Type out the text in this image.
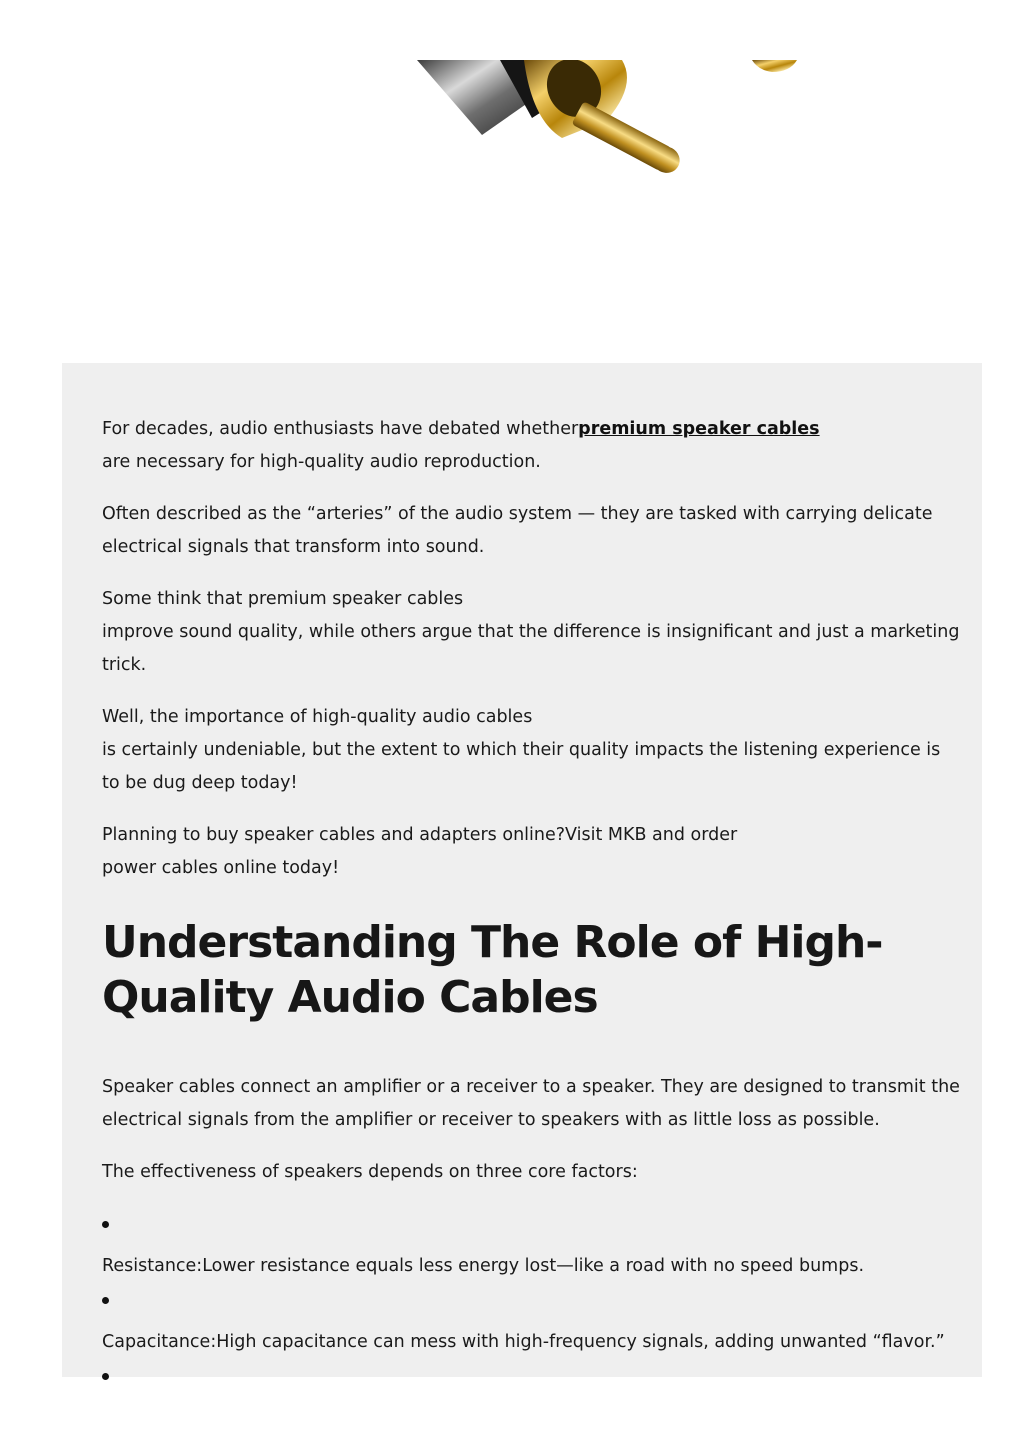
For decades, audio enthusiasts have debated whetherpremium speaker cables
are necessary for high-quality audio reproduction.

Often described as the “arteries” of the audio system — they are tasked with carrying delicate electrical signals that transform into sound.

Some think that premium speaker cables
improve sound quality, while others argue that the difference is insignificant and just a marketing trick.

Well, the importance of high-quality audio cables
is certainly undeniable, but the extent to which their quality impacts the listening experience is to be dug deep today!

Planning to buy speaker cables and adapters online?Visit MKB and order
power cables online today!

Understanding The Role of High-Quality Audio Cables

Speaker cables connect an amplifier or a receiver to a speaker. They are designed to transmit the electrical signals from the amplifier or receiver to speakers with as little loss as possible.

The effectiveness of speakers depends on three core factors:

Resistance:Lower resistance equals less energy lost—like a road with no speed bumps.

Capacitance:High capacitance can mess with high-frequency signals, adding unwanted “flavor.”
